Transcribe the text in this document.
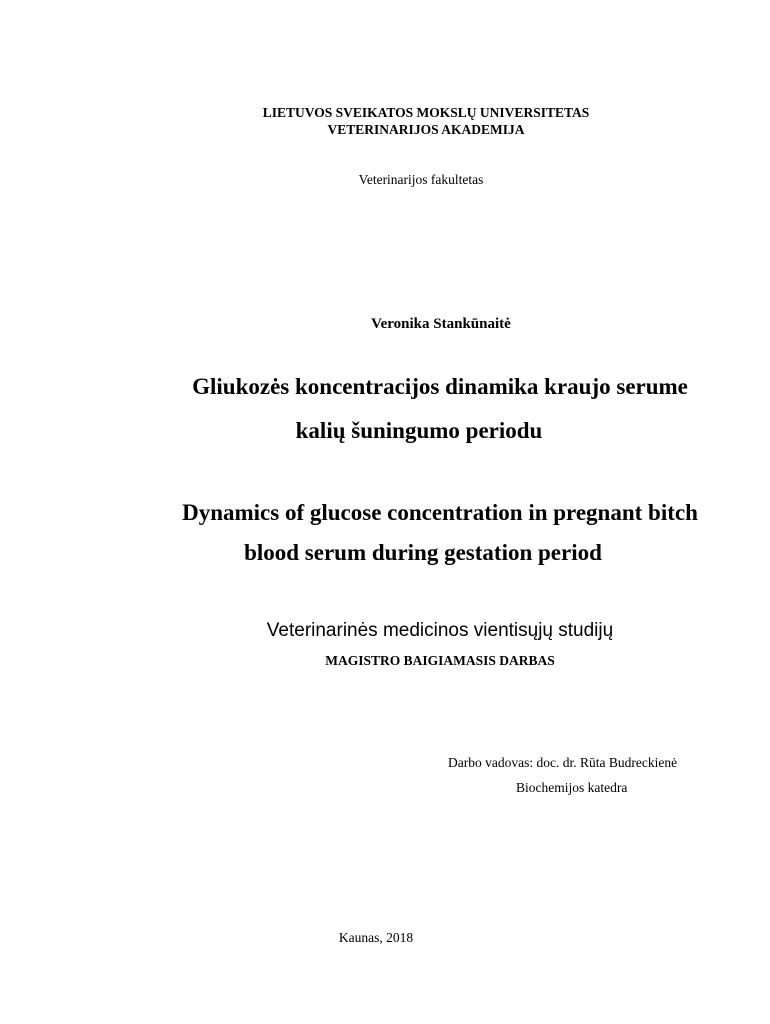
LIETUVOS SVEIKATOS MOKSLŲ UNIVERSITETAS
VETERINARIJOS AKADEMIJA
Veterinarijos fakultetas
Veronika Stankūnaitė
Gliukozės koncentracijos dinamika kraujo serume
kalių šuningumo periodu
Dynamics of glucose concentration in pregnant bitch
blood serum during gestation period
Veterinarinės medicinos vientisųjų studijų
MAGISTRO BAIGIAMASIS DARBAS
Darbo vadovas: doc. dr. Rūta Budreckienė
Biochemijos katedra
Kaunas, 2018
